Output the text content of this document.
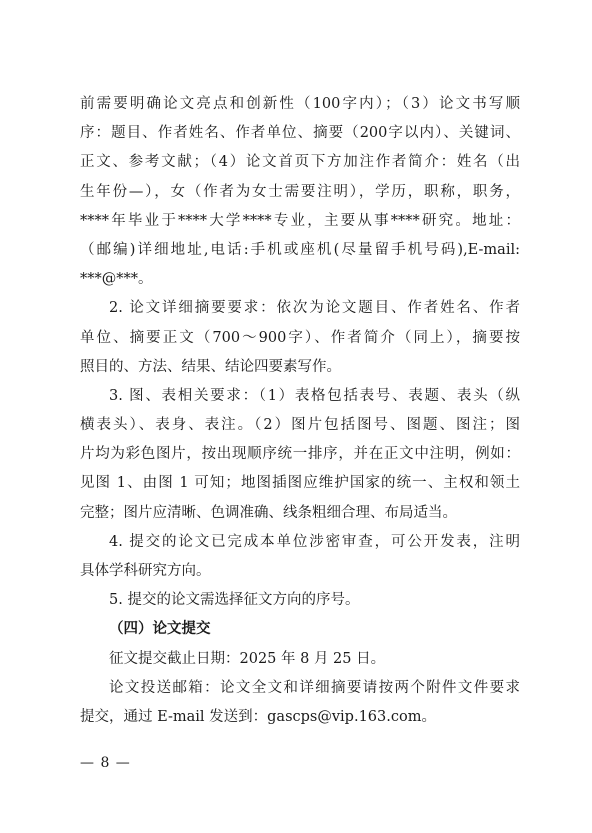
前需要明确论文亮点和创新性（100字内）；（3）论文书写顺
序：题目、作者姓名、作者单位、摘要（200字以内）、关键词、
正文、参考文献；（4）论文首页下方加注作者简介：姓名（出
生年份—），女（作者为女士需要注明），学历，职称，职务，
****年毕业于****大学****专业，主要从事****研究。地址：
（邮编)详细地址,电话:手机或座机(尽量留手机号码),E-mail:
***@***。
2. 论文详细摘要要求：依次为论文题目、作者姓名、作者
单位、摘要正文（700～900字）、作者简介（同上），摘要按
照目的、方法、结果、结论四要素写作。
3. 图、表相关要求：（1）表格包括表号、表题、表头（纵
横表头）、表身、表注。（2）图片包括图号、图题、图注；图
片均为彩色图片，按出现顺序统一排序，并在正文中注明，例如：
见图 1、由图 1 可知；地图插图应维护国家的统一、主权和领土
完整；图片应清晰、色调准确、线条粗细合理、布局适当。
4. 提交的论文已完成本单位涉密审查，可公开发表，注明
具体学科研究方向。
5. 提交的论文需选择征文方向的序号。
（四）论文提交
征文提交截止日期：2025 年 8 月 25 日。
论文投送邮箱：论文全文和详细摘要请按两个附件文件要求
提交，通过 E-mail 发送到：gascps@vip.163.com。
— 8 —
